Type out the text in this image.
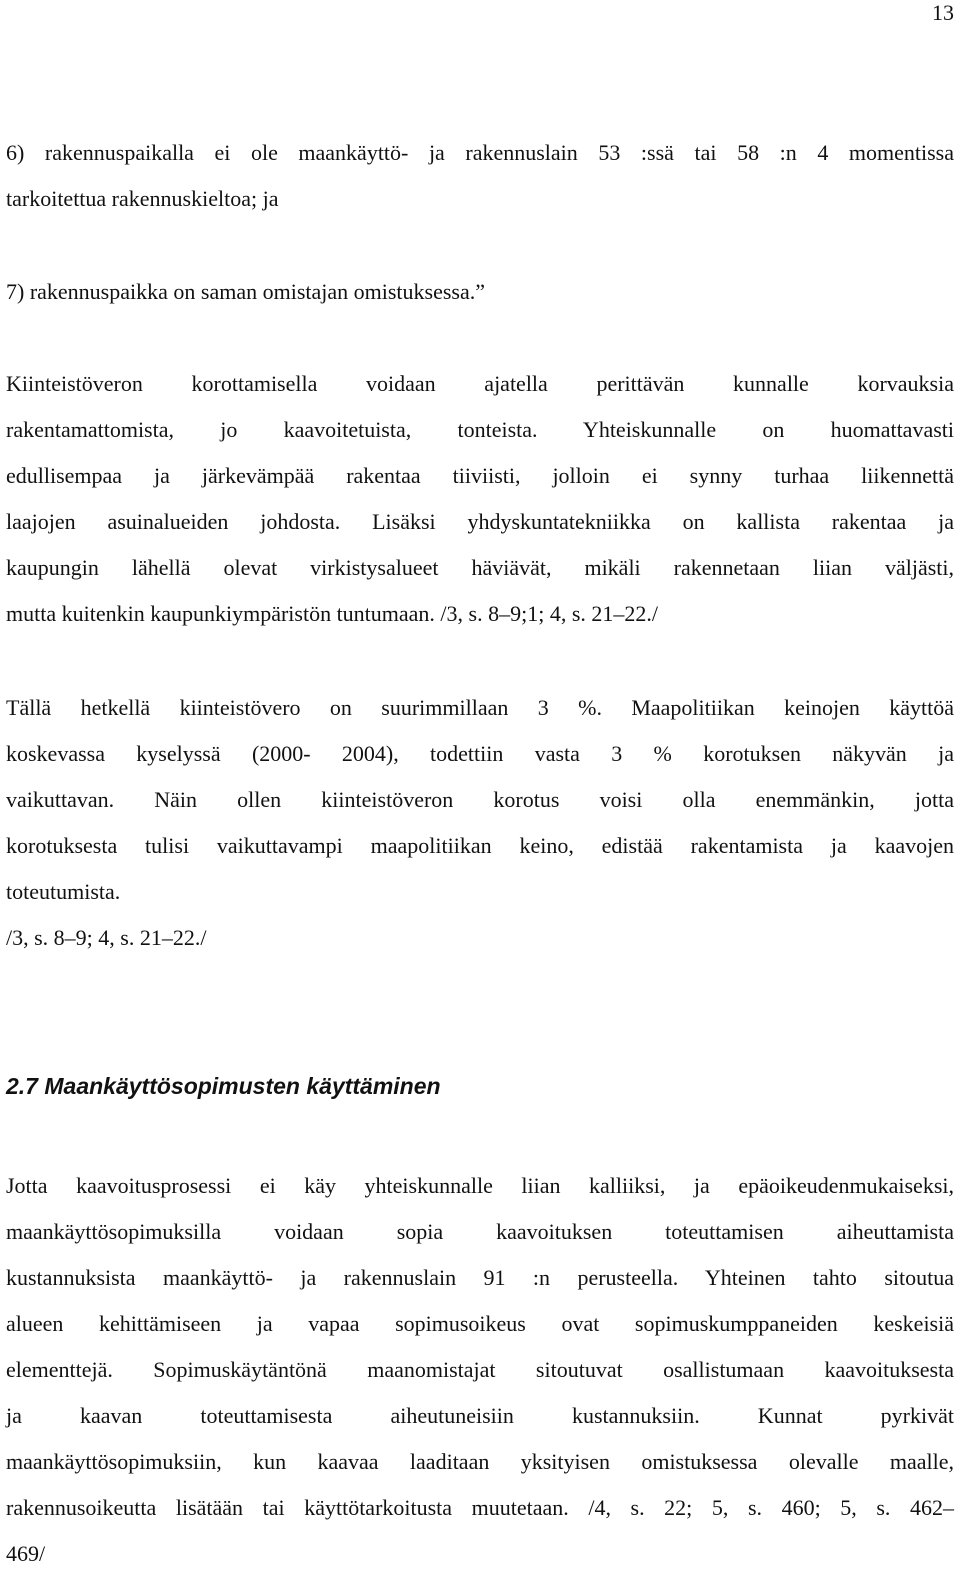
13
6) rakennuspaikalla ei ole maankäyttö- ja rakennuslain 53 :ssä tai 58 :n 4 momentissa
tarkoitettua rakennuskieltoa; ja
7) rakennuspaikka on saman omistajan omistuksessa.”
Kiinteistöveron korottamisella voidaan ajatella perittävän kunnalle korvauksia
rakentamattomista, jo kaavoitetuista, tonteista. Yhteiskunnalle on huomattavasti
edullisempaa ja järkevämpää rakentaa tiiviisti, jolloin ei synny turhaa liikennettä
laajojen asuinalueiden johdosta. Lisäksi yhdyskuntatekniikka on kallista rakentaa ja
kaupungin lähellä olevat virkistysalueet häviävät, mikäli rakennetaan liian väljästi,
mutta kuitenkin kaupunkiympäristön tuntumaan. /3, s. 8–9;1; 4, s. 21–22./
Tällä hetkellä kiinteistövero on suurimmillaan 3 %. Maapolitiikan keinojen käyttöä
koskevassa kyselyssä (2000- 2004), todettiin vasta 3 % korotuksen näkyvän ja
vaikuttavan. Näin ollen kiinteistöveron korotus voisi olla enemmänkin, jotta
korotuksesta tulisi vaikuttavampi maapolitiikan keino, edistää rakentamista ja kaavojen
toteutumista.
/3, s. 8–9; 4, s. 21–22./
2.7 Maankäyttösopimusten käyttäminen
Jotta kaavoitusprosessi ei käy yhteiskunnalle liian kalliiksi, ja epäoikeudenmukaiseksi,
maankäyttösopimuksilla voidaan sopia kaavoituksen toteuttamisen aiheuttamista
kustannuksista maankäyttö- ja rakennuslain 91 :n perusteella. Yhteinen tahto sitoutua
alueen kehittämiseen ja vapaa sopimusoikeus ovat sopimuskumppaneiden keskeisiä
elementtejä. Sopimuskäytäntönä maanomistajat sitoutuvat osallistumaan kaavoituksesta
ja kaavan toteuttamisesta aiheutuneisiin kustannuksiin. Kunnat pyrkivät
maankäyttösopimuksiin, kun kaavaa laaditaan yksityisen omistuksessa olevalle maalle,
rakennusoikeutta lisätään tai käyttötarkoitusta muutetaan. /4, s. 22; 5, s. 460; 5, s. 462–
469/
